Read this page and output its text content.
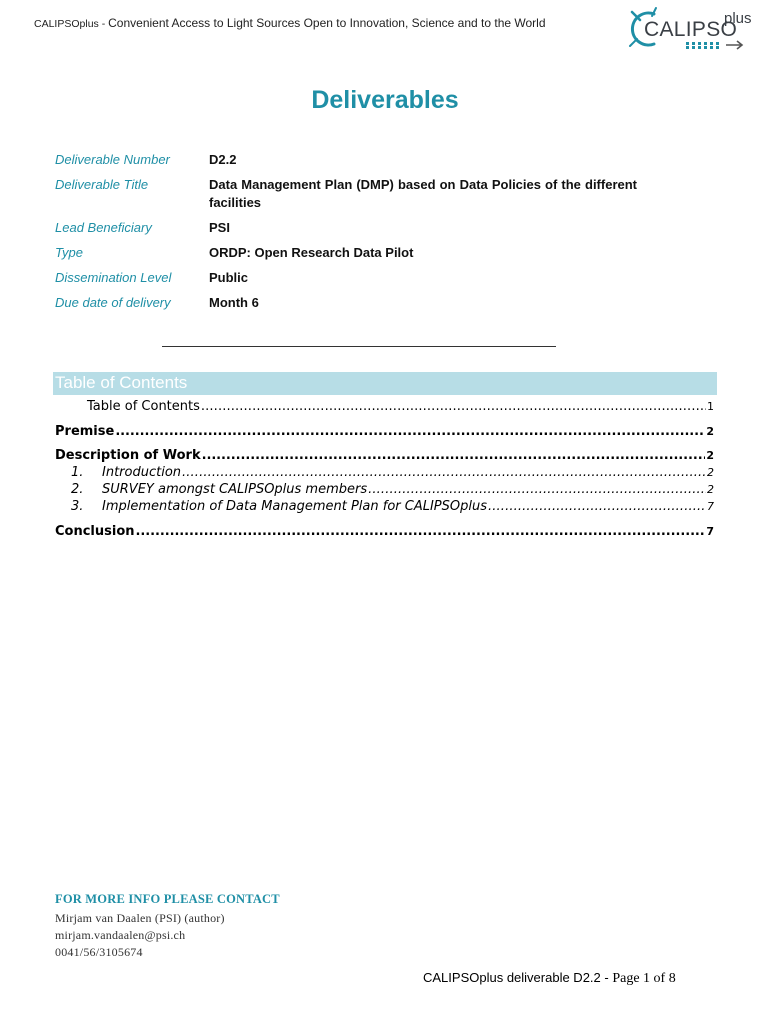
CALIPSOplus - Convenient Access to Light Sources Open to Innovation, Science and to the World	CALIPSO
plus
Deliverables
Deliverable Number	D2.2
Deliverable Title	Data Management Plan (DMP) based on Data Policies of the different facilities
Lead Beneficiary	PSI
Type	ORDP: Open Research Data Pilot
Dissemination Level	Public
Due date of delivery	Month 6
Table of Contents
Table of Contents . . .	1
Premise . . .	2
Description of Work . . .	2
1.	Introduction . . .	2
2.	SURVEY amongst CALIPSOplus members . . .	2
3.	Implementation of Data Management Plan for CALIPSOplus . . .	7
Conclusion . . .	7
FOR MORE INFO PLEASE CONTACT
Mirjam van Daalen (PSI) (author)
mirjam.vandaalen@psi.ch
0041/56/3105674
CALIPSOplus deliverable D2.2 - Page 1 of 8
